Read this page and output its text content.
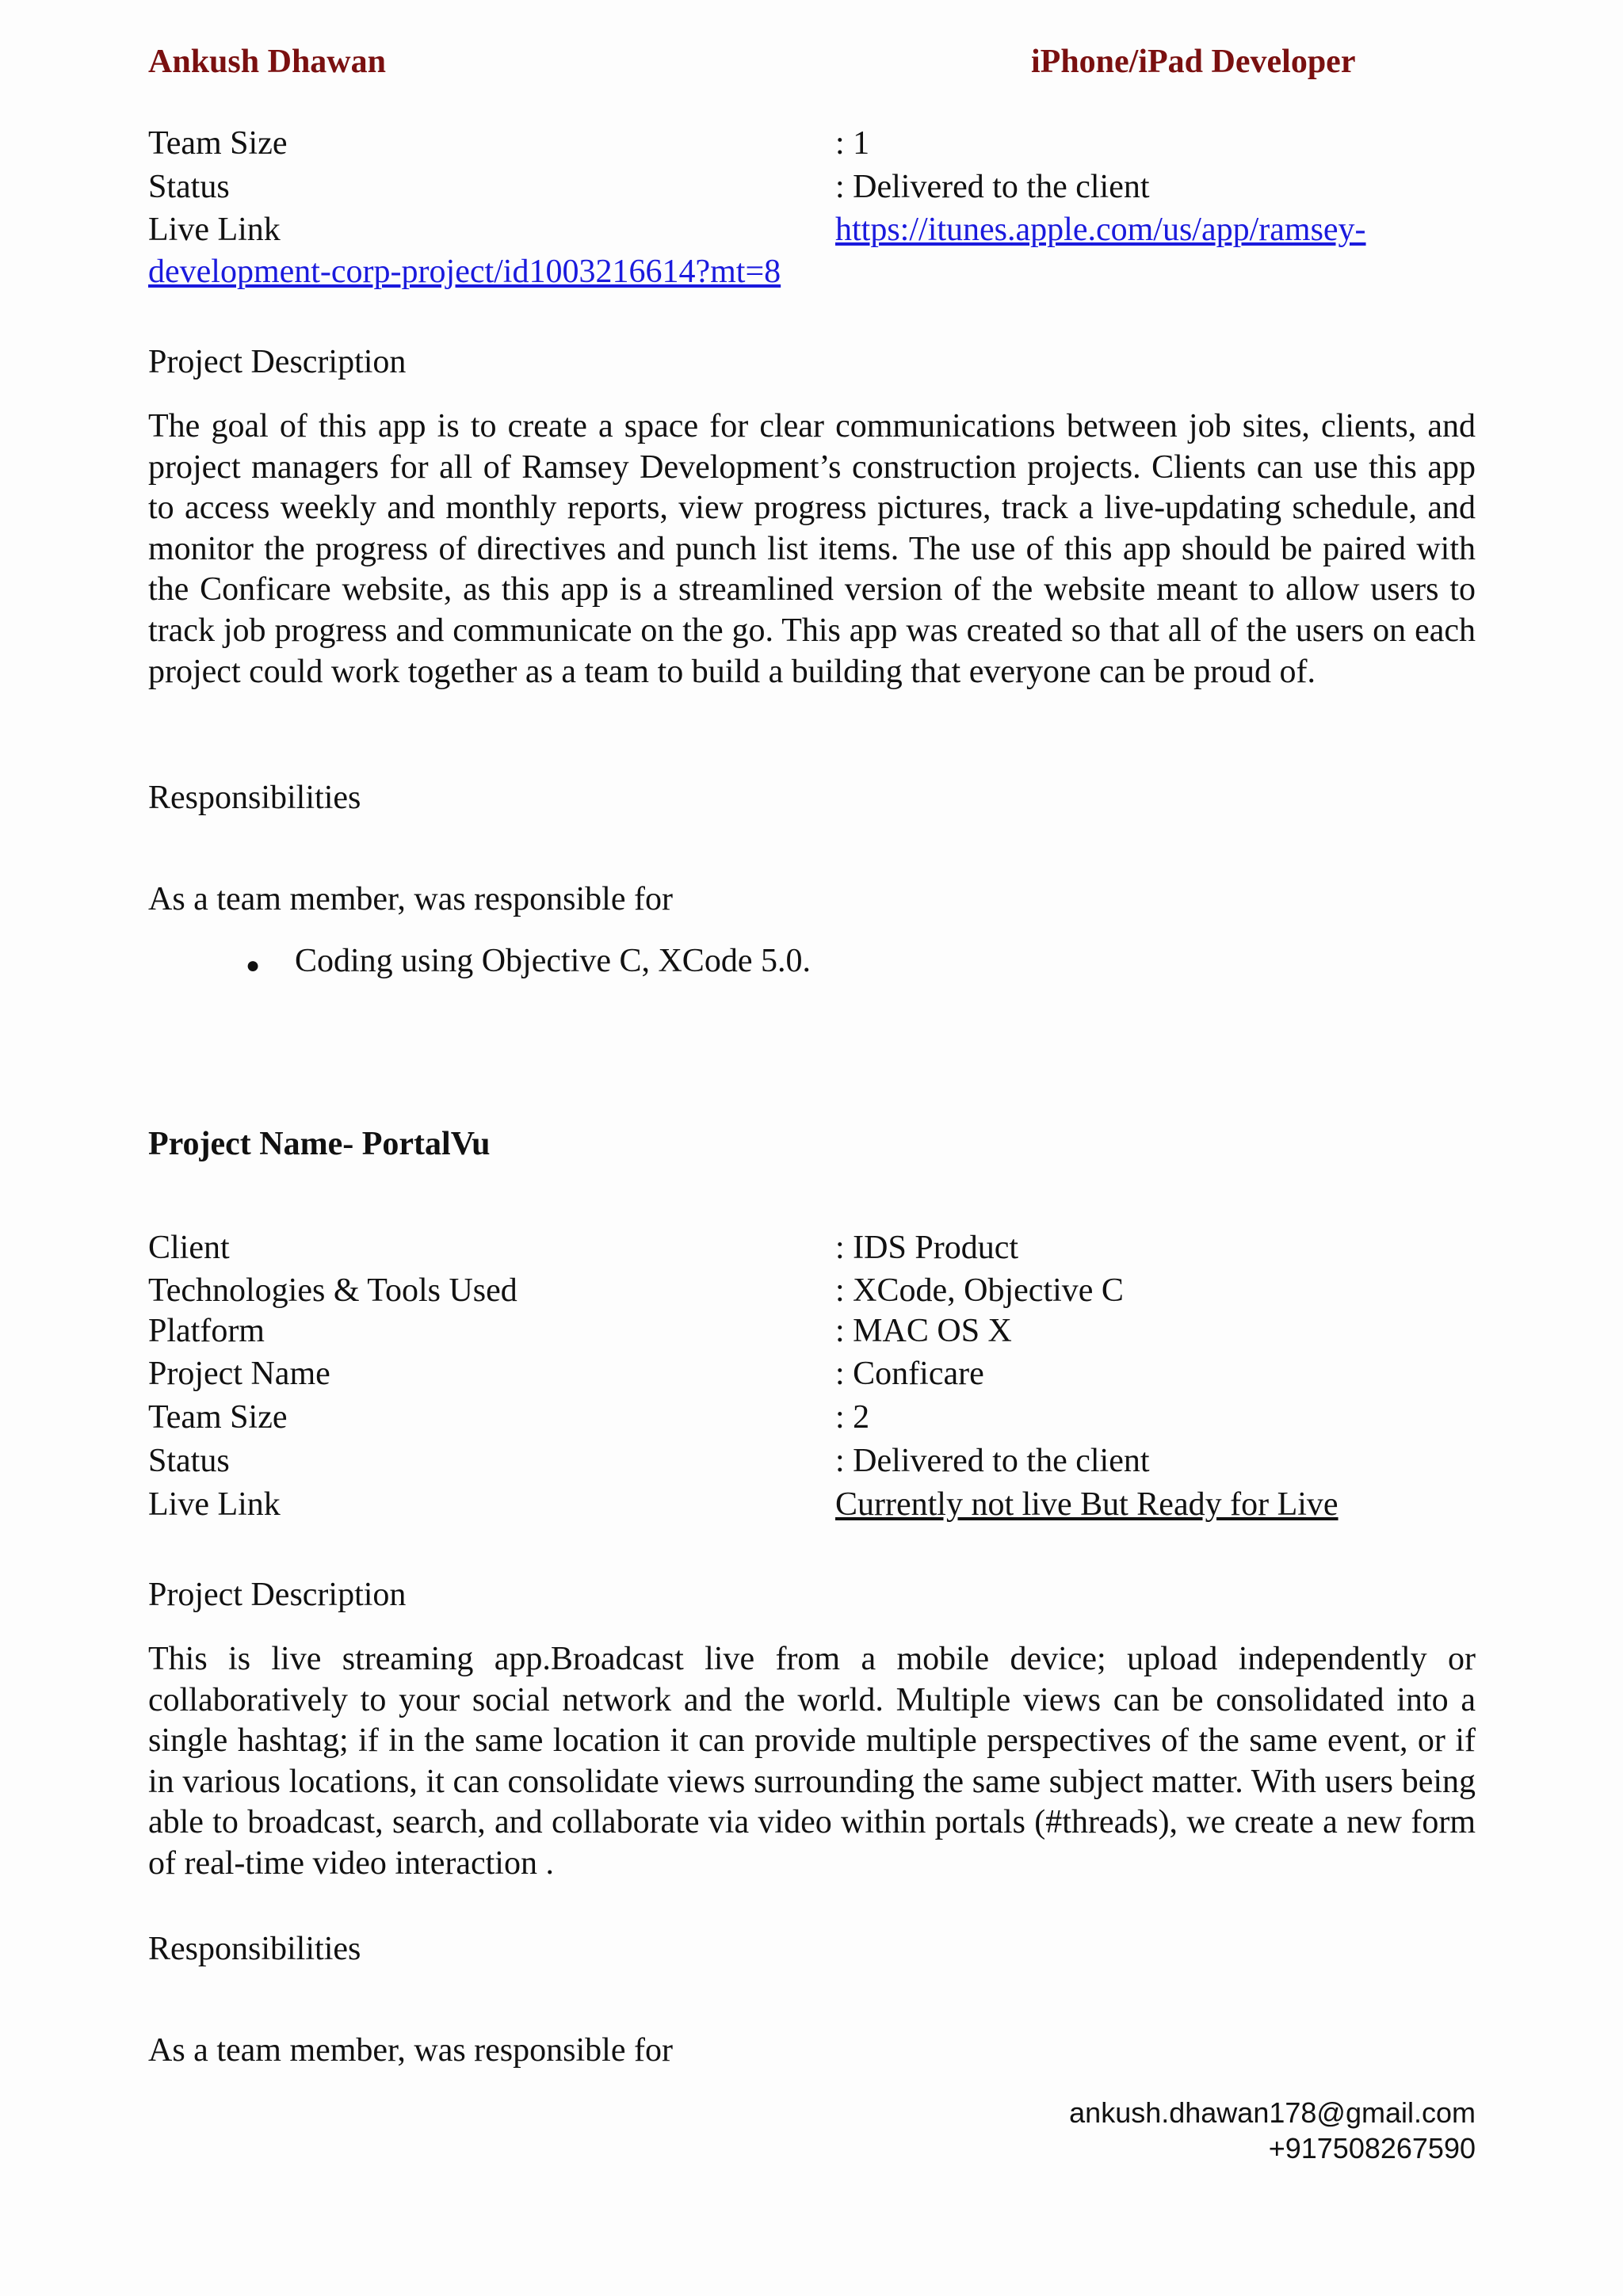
Ankush Dhawan	iPhone/iPad Developer
Team Size	: 1
Status	: Delivered to the client
Live Link	https://itunes.apple.com/us/app/ramsey-
development-corp-project/id1003216614?mt=8
Project Description
The goal of this app is to create a space for clear communications between job sites, clients, and project managers for all of Ramsey Development’s construction projects. Clients can use this app to access weekly and monthly reports, view progress pictures, track a live-updating schedule, and monitor the progress of directives and punch list items. The use of this app should be paired with the Conficare website, as this app is a streamlined version of the website meant to allow users to track job progress and communicate on the go. This app was created so that all of the users on each project could work together as a team to build a building that everyone can be proud of.
Responsibilities
As a team member, was responsible for
● Coding using Objective C, XCode 5.0.
Project Name- PortalVu
Client	: IDS Product
Technologies & Tools Used	: XCode, Objective C
Platform	: MAC OS X
Project Name	: Conficare
Team Size	: 2
Status	: Delivered to the client
Live Link	Currently not live But Ready for Live
Project Description
This is live streaming app.Broadcast live from a mobile device; upload independently or collaboratively to your social network and the world. Multiple views can be consolidated into a single hashtag; if in the same location it can provide multiple perspectives of the same event, or if in various locations, it can consolidate views surrounding the same subject matter. With users being able to broadcast, search, and collaborate via video within portals (#threads), we create a new form of real-time video interaction .
Responsibilities
As a team member, was responsible for
ankush.dhawan178@gmail.com
+917508267590
